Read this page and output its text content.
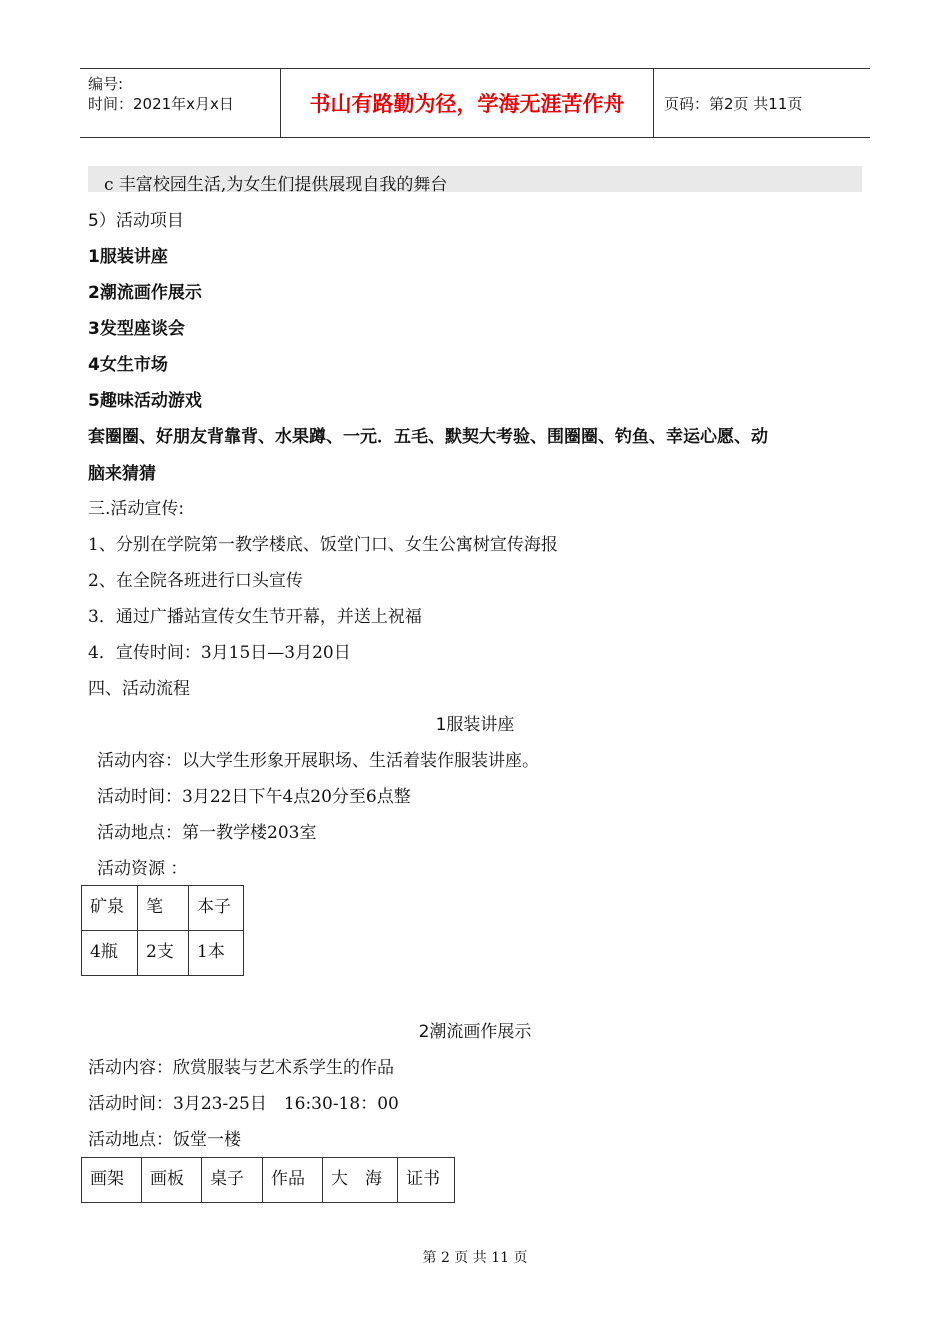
编号:
时间：2021年x月x日	书山有路勤为径，学海无涯苦作舟	页码：第2页 共11页
c 丰富校园生活,为女生们提供展现自我的舞台
5）活动项目
1服装讲座
2潮流画作展示
3发型座谈会
4女生市场
5趣味活动游戏
套圈圈、好朋友背靠背、水果蹲、一元．五毛、默契大考验、围圈圈、钓鱼、幸运心愿、动
脑来猜猜
三.活动宣传:
1、分别在学院第一教学楼底、饭堂门口、女生公寓树宣传海报
2、在全院各班进行口头宣传
3．通过广播站宣传女生节开幕，并送上祝福
4．宣传时间：3月15日—3月20日
四、活动流程
1服装讲座
活动内容：以大学生形象开展职场、生活着装作服装讲座。
活动时间：3月22日下午4点20分至6点整
活动地点：第一教学楼203室
活动资源 ：
矿泉	笔	本子
4瓶	2支	1本
2潮流画作展示
活动内容：欣赏服装与艺术系学生的作品
活动时间：3月23-25日　16:30-18：00
活动地点：饭堂一楼
画架	画板	桌子	作品	大　海	证书
第 2 页 共 11 页
